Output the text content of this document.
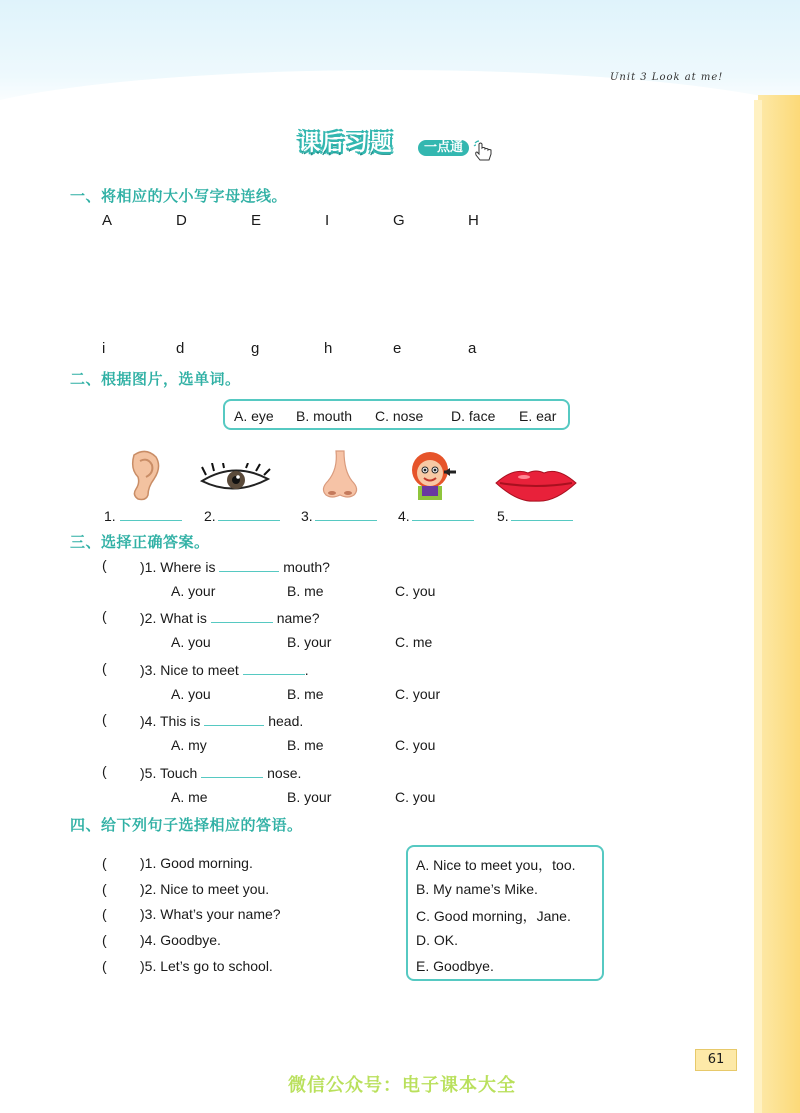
Unit 3 Look at me!
课后习题	一点通
一、将相应的大小写字母连线。
A	D	E	I	G	H
i	d	g	h	e	a
二、根据图片，选单词。
A. eye B. mouth C. nose D. face E. ear
1.	2.	3.	4.	5.
三、选择正确答案。
( )1. Where is	mouth?
A. your	B. me	C. you
( )2. What is	name?
A. you	B. your	C. me
( )3. Nice to meet	.
A. you	B. me	C. your
( )4. This is	head.
A. my	B. me	C. you
( )5. Touch	nose.
A. me	B. your	C. you
四、给下列句子选择相应的答语。
( )1. Good morning.
( )2. Nice to meet you.
( )3. What’s your name?
( )4. Goodbye.
( )5. Let’s go to school.
A. Nice to meet you，too.
B. My name’s Mike.
C. Good morning，Jane.
D. OK.
E. Goodbye.
61
微信公众号：电子课本大全
